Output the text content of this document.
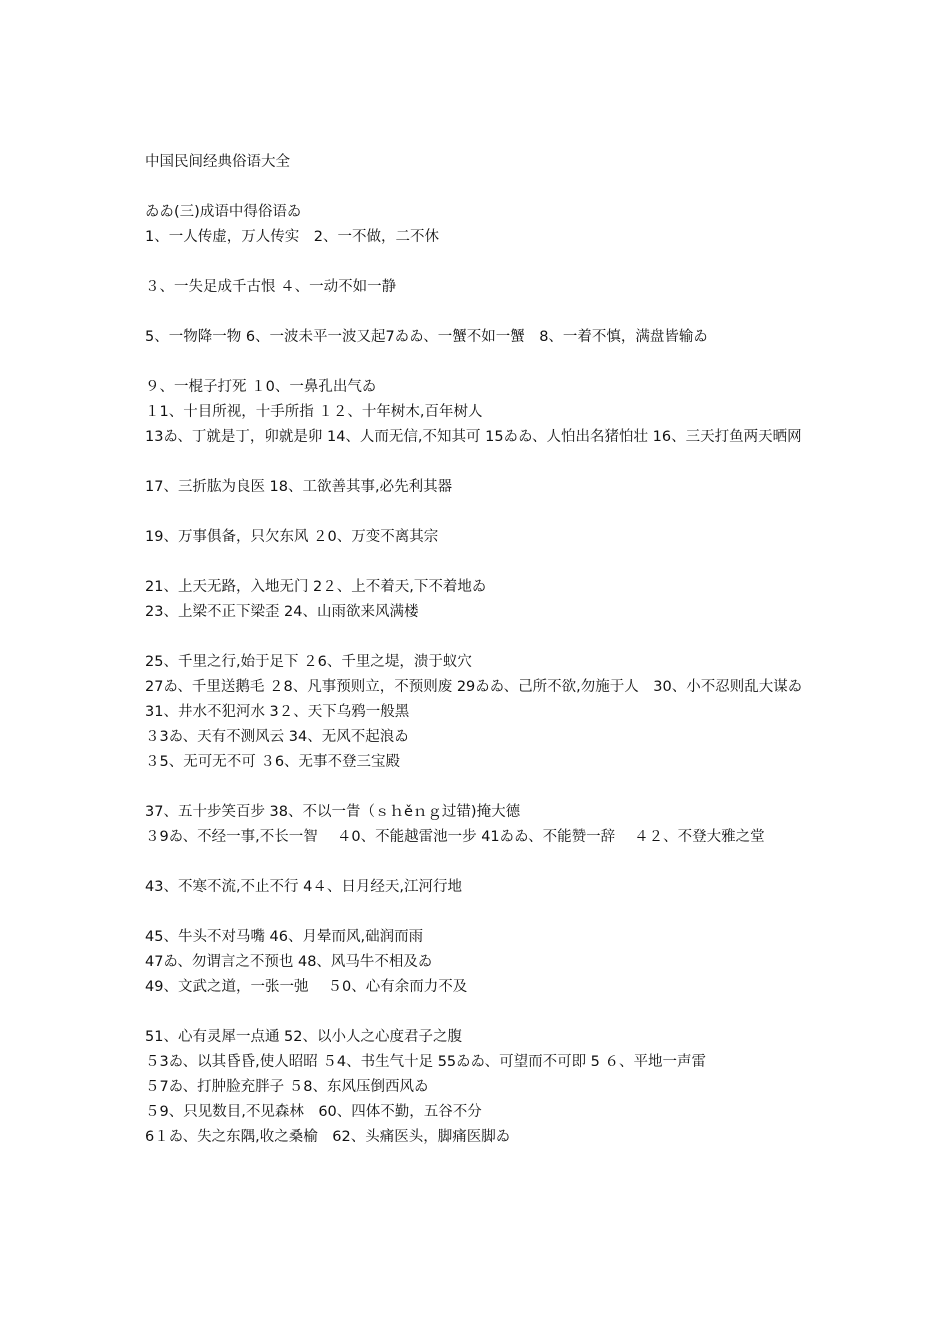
中国民间经典俗语大全
ゐゐ(三)成语中得俗语ゐ
1、一人传虚，万人传实　2、一不做，二不休
３、一失足成千古恨 ４、一动不如一静
5、一物降一物 6、一波未平一波又起7ゐゐ、一蟹不如一蟹　8、一着不慎，满盘皆输ゐ
９、一棍子打死 １0、一鼻孔出气ゐ
１1、十目所视，十手所指 １２、十年树木,百年树人
13ゐ、丁就是丁，卯就是卯 14、人而无信,不知其可 15ゐゐ、人怕出名猪怕壮 16、三天打鱼两天晒网
17、三折肱为良医 18、工欲善其事,必先利其器
19、万事俱备，只欠东风 ２0、万变不离其宗
21、上天无路，入地无门 2２、上不着天,下不着地ゐ
23、上梁不正下梁歪 24、山雨欲来风满楼
25、千里之行,始于足下 ２6、千里之堤，溃于蚁穴
27ゐ、千里送鹅毛 ２8、凡事预则立，不预则废 29ゐゐ、己所不欲,勿施于人　30、小不忍则乱大谋ゐ
31、井水不犯河水 3２、天下乌鸦一般黑
３3ゐ、天有不测风云 34、无风不起浪ゐ
３5、无可无不可 ３6、无事不登三宝殿
37、五十步笑百步 38、不以一眚（ｓｈěｎｇ过错)掩大德
３9ゐ、不经一事,不长一智　 ４0、不能越雷池一步 41ゐゐ、不能赞一辞　 ４２、不登大雅之堂
43、不寒不流,不止不行 4４、日月经天,江河行地
45、牛头不对马嘴 46、月晕而风,础润而雨
47ゐ、勿谓言之不预也 48、风马牛不相及ゐ
49、文武之道，一张一弛　 ５0、心有余而力不及
51、心有灵犀一点通 52、以小人之心度君子之腹
５3ゐ、以其昏昏,使人昭昭 ５4、书生气十足 55ゐゐ、可望而不可即 5 ６、平地一声雷
５7ゐ、打肿脸充胖子 ５8、东风压倒西风ゐ
５9、只见数目,不见森林　60、四体不勤，五谷不分
6１ゐ、失之东隅,收之桑榆　62、头痛医头，脚痛医脚ゐ
